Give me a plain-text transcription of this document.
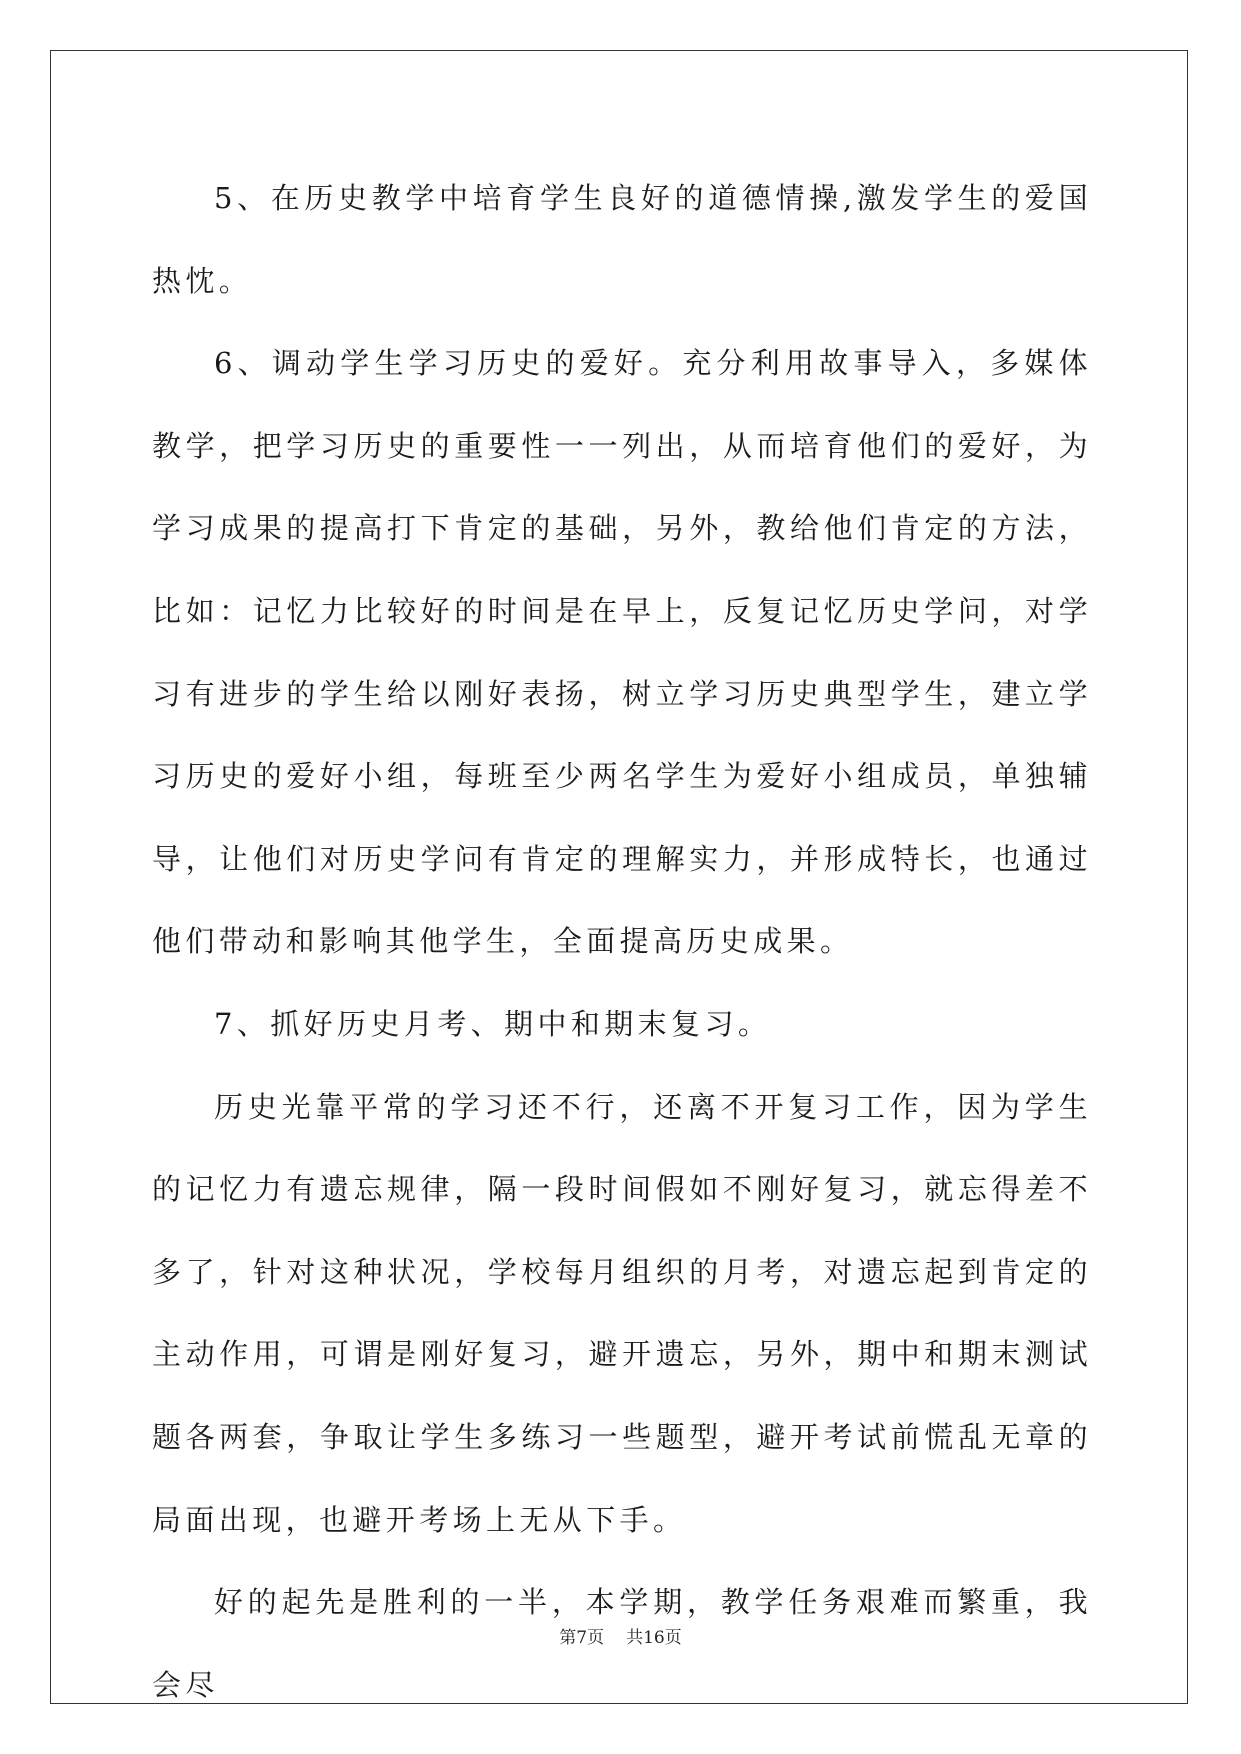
5、在历史教学中培育学生良好的道德情操,激发学生的爱国热忱。

6、调动学生学习历史的爱好。充分利用故事导入，多媒体教学，把学习历史的重要性一一列出，从而培育他们的爱好，为学习成果的提高打下肯定的基础，另外，教给他们肯定的方法，比如：记忆力比较好的时间是在早上，反复记忆历史学问，对学习有进步的学生给以刚好表扬，树立学习历史典型学生，建立学习历史的爱好小组，每班至少两名学生为爱好小组成员，单独辅导，让他们对历史学问有肯定的理解实力，并形成特长，也通过他们带动和影响其他学生，全面提高历史成果。

7、抓好历史月考、期中和期末复习。

历史光靠平常的学习还不行，还离不开复习工作，因为学生的记忆力有遗忘规律，隔一段时间假如不刚好复习，就忘得差不多了，针对这种状况，学校每月组织的月考，对遗忘起到肯定的主动作用，可谓是刚好复习，避开遗忘，另外，期中和期末测试题各两套，争取让学生多练习一些题型，避开考试前慌乱无章的局面出现，也避开考场上无从下手。

好的起先是胜利的一半，本学期，教学任务艰难而繁重，我会尽

第7页 共16页
